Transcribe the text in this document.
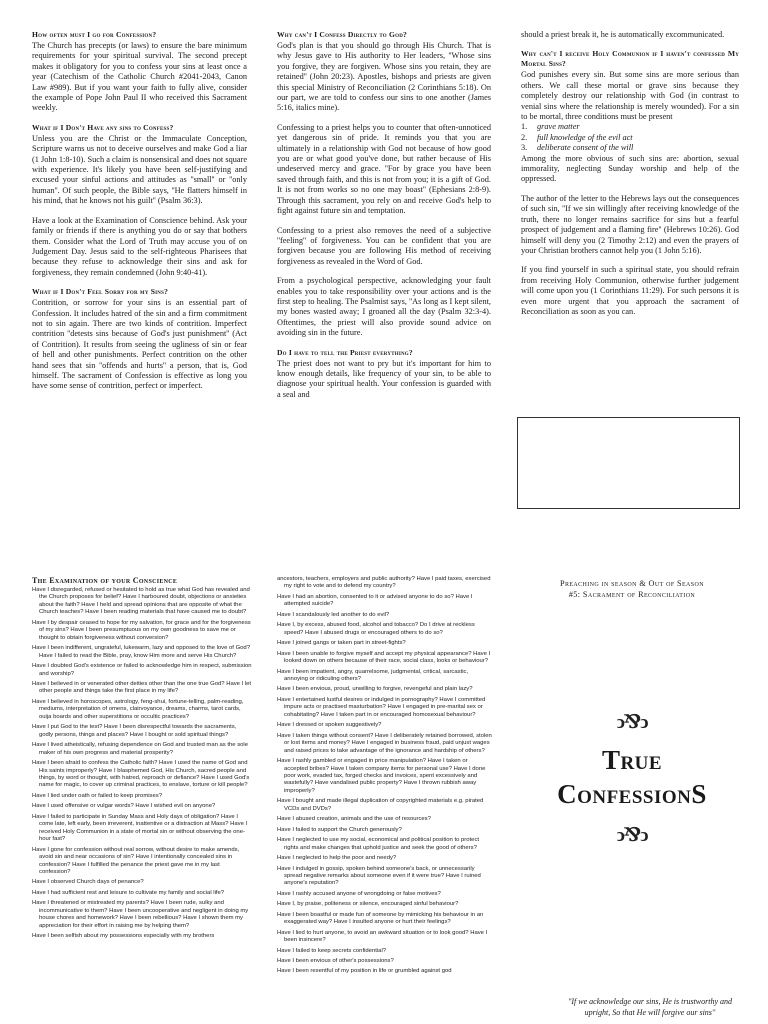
How often must I go for Confession?

The Church has precepts (or laws) to ensure the bare minimum requirements for your spiritual survival. The second precept makes it obligatory for you to confess your sins at least once a year (Catechism of the Catholic Church #2041-2043, Canon Law #989). But if you want your faith to fully alive, consider the example of Pope John Paul II who received this Sacrament weekly.

What if I Don't Have any sins to Confess?

Unless you are the Christ or the Immaculate Conception, Scripture warns us not to deceive ourselves and make God a liar (1 John 1:8-10). Such a claim is nonsensical and does not square with experience. It's likely you have been self-justifying and excused your sinful actions and attitudes as ''small'' or ''only human''. Of such people, the Bible says, ''He flatters himself in his mind, that he knows not his guilt'' (Psalm 36:3).

Have a look at the Examination of Conscience behind. Ask your family or friends if there is anything you do or say that bothers them. Consider what the Lord of Truth may accuse you of on Judgement Day. Jesus said to the self-righteous Pharisees that because they refuse to acknowledge their sins and ask for forgiveness, they remain condemned (John 9:40-41).

What if I Don't Feel Sorry for my Sins?

Contrition, or sorrow for your sins is an essential part of Confession. It includes hatred of the sin and a firm commitment not to sin again. There are two kinds of contrition. Imperfect contrition ''detests sins because of God's just punishment'' (Act of Contrition). It results from seeing the ugliness of sin or fear of hell and other punishments. Perfect contrition on the other hand sees that sin ''offends and hurts'' a person, that is, God himself. The sacrament of Confession is effective as long you have some sense of contrition, perfect or imperfect.

Why can't I Confess Directly to God?

God's plan is that you should go through His Church. That is why Jesus gave to His authority to Her leaders, ''Whose sins you forgive, they are forgiven. Whose sins you retain, they are retained'' (John 20:23). Apostles, bishops and priests are given this special Ministry of Reconciliation (2 Corinthians 5:18). On our part, we are told to confess our sins to one another (James 5:16, italics mine).

Confessing to a priest helps you to counter that often-unnoticed yet dangerous sin of pride. It reminds you that you are ultimately in a relationship with God not because of how good you are or what good you've done, but rather because of His undeserved mercy and grace. ''For by grace you have been saved through faith, and this is not from you; it is a gift of God. It is not from works so no one may boast'' (Ephesians 2:8-9). Through this sacrament, you rely on and receive God's help to fight against future sin and temptation.

Confessing to a priest also removes the need of a subjective ''feeling'' of forgiveness. You can be confident that you are forgiven because you are following His method of receiving forgiveness as revealed in the Word of God.

From a psychological perspective, acknowledging your fault enables you to take responsibility over your actions and is the first step to healing. The Psalmist says, ''As long as I kept silent, my bones wasted away; I groaned all the day (Psalm 32:3-4). Oftentimes, the priest will also provide sound advice on avoiding sin in the future.

Do I have to tell the Priest everything?

The priest does not want to pry but it's important for him to know enough details, like frequency of your sin, to be able to diagnose your spiritual health. Your confession is guarded with a seal and

should a priest break it, he is automatically excommunicated.

Why can't I receive Holy Communion if I haven't confessed My Mortal Sins?

God punishes every sin. But some sins are more serious than others. We call these mortal or grave sins because they completely destroy our relationship with God (in contrast to venial sins where the relationship is merely wounded). For a sin to be mortal, three conditions must be present

1. grave matter
2. full knowledge of the evil act
3. deliberate consent of the will

Among the more obvious of such sins are: abortion, sexual immorality, neglecting Sunday worship and help of the oppressed.

The author of the letter to the Hebrews lays out the consequences of such sin, ''If we sin willingly after receiving knowledge of the truth, there no longer remains sacrifice for sins but a fearful prospect of judgement and a flaming fire'' (Hebrews 10:26). God himself will deny you (2 Timothy 2:12) and even the prayers of your Christian brothers cannot help you (1 John 5:16).

If you find yourself in such a spiritual state, you should refrain from receiving Holy Communion, otherwise further judgement will come upon you (1 Corinthians 11:29). For such persons it is even more urgent that you approach the sacrament of Reconciliation as soon as you can.

The Examination of your Conscience

Have I disregarded, refused or hesitated to hold as true what God has revealed and the Church proposes for belief? Have I harboured doubt, objections or anxieties about the faith? Have I held and spread opinions that are opposite of what the Church teaches? Have I been reading materials that have caused me to doubt?

Have I by despair ceased to hope for my salvation, for grace and for the forgiveness of my sins? Have I been presumptuous on my own goodness to save me or thought to obtain forgiveness without conversion?

Have I been indifferent, ungrateful, lukewarm, lazy and opposed to the love of God? Have I failed to read the Bible, pray, know Him more and serve His Church?

Have I doubted God's existence or failed to acknowledge him in respect, submission and worship?

Have I believed in or venerated other deities other than the one true God? Have I let other people and things take the first place in my life?

Have I believed in horoscopes, astrology, feng-shui, fortune-telling, palm-reading, mediums, interpretation of omens, clairvoyance, dreams, charms, tarot cards, ouija boards and other superstitions or occultic practices?

Have I put God to the test? Have I been disrespectful towards the sacraments, godly persons, things and places? Have I bought or sold spiritual things?

Have I lived atheistically, refusing dependence on God and trusted man as the sole maker of his own progress and material prosperity?

Have I been afraid to confess the Catholic faith? Have I used the name of God and His saints improperly? Have I blasphemed God, His Church, sacred people and things, by word or thought, with hatred, reproach or defiance? Have I used God's name for magic, to cover up criminal practices, to enslave, torture or kill people?

Have I lied under oath or failed to keep promises?

Have I used offensive or vulgar words? Have I wished evil on anyone?

Have I failed to participate in Sunday Mass and Holy days of obligation? Have I come late, left early, been irreverent, inattentive or a distraction at Mass? Have I received Holy Communion in a state of mortal sin or without observing the one-hour fast?

Have I gone for confession without real sorrow, without desire to make amends, avoid sin and near occasions of sin? Have I intentionally concealed sins in confession? Have I fulfilled the penance the priest gave me in my last confession?

Have I observed Church days of penance?

Have I had sufficient rest and leisure to cultivate my family and social life?

Have I threatened or mistreated my parents? Have I been rude, sulky and incommunicative to them? Have I been uncooperative and negligent in doing my house chores and homework? Have I been rebellious? Have I shown them my appreciation for their effort in raising me by helping them?

Have I been selfish about my possessions especially with my brothers

ancestors, teachers, employers and public authority? Have I paid taxes, exercised my right to vote and to defend my country?

Have I had an abortion, consented to it or advised anyone to do so? Have I attempted suicide?

Have I scandalously led another to do evil?

Have I, by excess, abused food, alcohol and tobacco? Do I drive at reckless speed? Have I abused drugs or encouraged others to do so?

Have I joined gangs or taken part in street-fights?

Have I been unable to forgive myself and accept my physical appearance? Have I looked down on others because of their race, social class, looks or behaviour?

Have I been impatient, angry, quarrelsome, judgmental, critical, sarcastic, annoying or ridiculing others?

Have I been envious, proud, unwilling to forgive, revengeful and plain lazy?

Have I entertained lustful desires or indulged in pornography? Have I committed impure acts or practised masturbation? Have I engaged in pre-marital sex or cohabitating? Have I taken part in or encouraged homosexual behaviour?

Have I dressed or spoken suggestively?

Have I taken things without consent? Have I deliberately retained borrowed, stolen or lost items and money? Have I engaged in business fraud, paid unjust wages and raised prices to take advantage of the ignorance and hardship of others?

Have I rashly gambled or engaged in price manipulation? Have I taken or accepted bribes? Have I taken company items for personal use? Have I done poor work, evaded tax, forged checks and invoices, spent excessively and wastefully? Have vandalised public property? Have I thrown rubbish away improperly?

Have I bought and made illegal duplication of copyrighted materials e.g. pirated VCDs and DVDs?

Have I abused creation, animals and the use of resources?

Have I failed to support the Church generously?

Have I neglected to use my social, economical and political position to protect rights and make changes that uphold justice and seek the good of others?

Have I neglected to help the poor and needy?

Have I indulged in gossip, spoken behind someone's back, or unnecessarily spread negative remarks about someone even if it were true? Have I ruined anyone's reputation?

Have I rashly accused anyone of wrongdoing or false motives?

Have I, by praise, politeness or silence, encouraged sinful behaviour?

Have I been boastful or made fun of someone by mimicking his behaviour in an exaggerated way? Have I insulted anyone or hurt their feelings?

Have I lied to hurt anyone, to avoid an awkward situation or to look good? Have I been insincere?

Have I failed to keep secrets confidential?

Have I been envious of other's possessions?

Have I been resentful of my position in life or grumbled against god

Preaching in season & Out of Season
#5: Sacrament of Reconciliation
ↄ⅋ↄ
True
ConfessionS
ↄ⅋ↄ
''If we acknowledge our sins, He is trustworthy and upright, So that He will forgive our sins''
